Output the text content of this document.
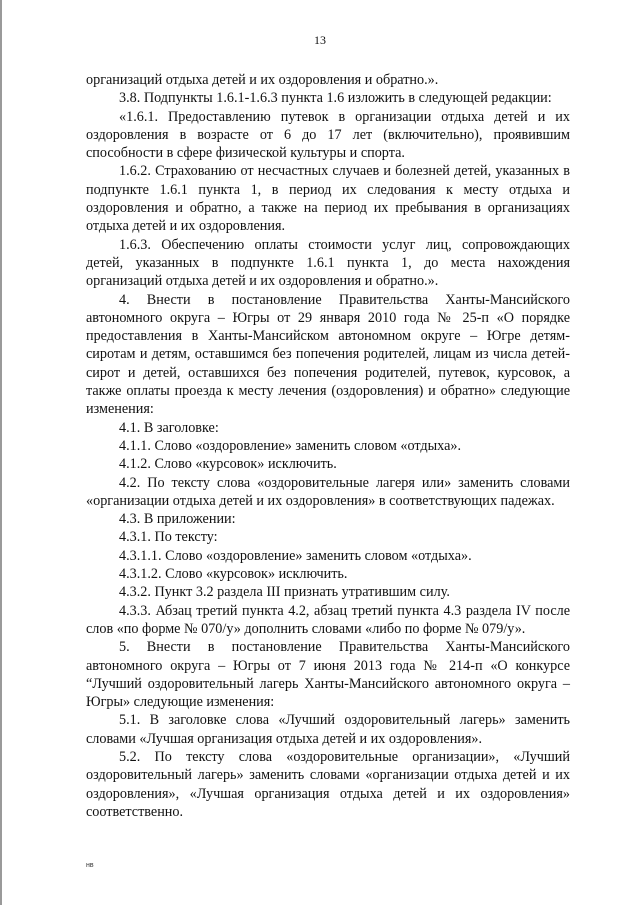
13

организаций отдыха детей и их оздоровления и обратно.».

3.8. Подпункты 1.6.1-1.6.3 пункта 1.6 изложить в следующей редакции:

«1.6.1. Предоставлению путевок в организации отдыха детей и их оздоровления в возрасте от 6 до 17 лет (включительно), проявившим способности в сфере физической культуры и спорта.

1.6.2. Страхованию от несчастных случаев и болезней детей, указанных в подпункте 1.6.1 пункта 1, в период их следования к месту отдыха и оздоровления и обратно, а также на период их пребывания в организациях отдыха детей и их оздоровления.

1.6.3. Обеспечению оплаты стоимости услуг лиц, сопровождающих детей, указанных в подпункте 1.6.1 пункта 1, до места нахождения организаций отдыха детей и их оздоровления и обратно.».

4. Внести в постановление Правительства Ханты-Мансийского автономного округа – Югры от 29 января 2010 года № 25-п «О порядке предоставления в Ханты-Мансийском автономном округе – Югре детям-сиротам и детям, оставшимся без попечения родителей, лицам из числа детей-сирот и детей, оставшихся без попечения родителей, путевок, курсовок, а также оплаты проезда к месту лечения (оздоровления) и обратно» следующие изменения:

4.1. В заголовке:

4.1.1. Слово «оздоровление» заменить словом «отдыха».

4.1.2. Слово «курсовок» исключить.

4.2. По тексту слова «оздоровительные лагеря или» заменить словами «организации отдыха детей и их оздоровления» в соответствующих падежах.

4.3. В приложении:

4.3.1. По тексту:

4.3.1.1. Слово «оздоровление» заменить словом «отдыха».

4.3.1.2. Слово «курсовок» исключить.

4.3.2. Пункт 3.2 раздела III признать утратившим силу.

4.3.3. Абзац третий пункта 4.2, абзац третий пункта 4.3 раздела IV после слов «по форме № 070/у» дополнить словами «либо по форме № 079/у».

5. Внести в постановление Правительства Ханты-Мансийского автономного округа – Югры от 7 июня 2013 года № 214-п «О конкурсе “Лучший оздоровительный лагерь Ханты-Мансийского автономного округа – Югры» следующие изменения:

5.1. В заголовке слова «Лучший оздоровительный лагерь» заменить словами «Лучшая организация отдыха детей и их оздоровления».

5.2. По тексту слова «оздоровительные организации», «Лучший оздоровительный лагерь» заменить словами «организации отдыха детей и их оздоровления», «Лучшая организация отдыха детей и их оздоровления» соответственно.

нв
